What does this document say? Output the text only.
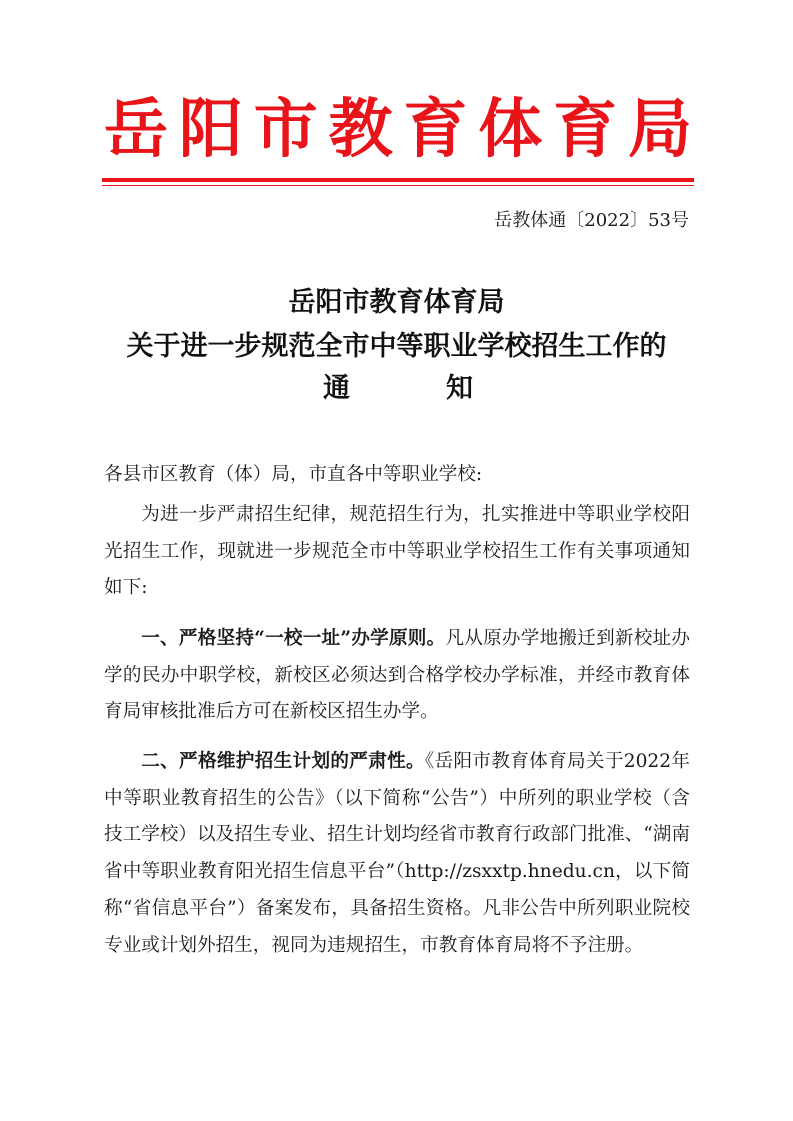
岳阳市教育体育局
岳教体通〔2022〕53号
岳阳市教育体育局
关于进一步规范全市中等职业学校招生工作的
通知
各县市区教育（体）局，市直各中等职业学校:
为进一步严肃招生纪律，规范招生行为，扎实推进中等职业学校阳光招生工作，现就进一步规范全市中等职业学校招生工作有关事项通知如下:
一、严格坚持“一校一址”办学原则。凡从原办学地搬迁到新校址办学的民办中职学校，新校区必须达到合格学校办学标准，并经市教育体育局审核批准后方可在新校区招生办学。
二、严格维护招生计划的严肃性。《岳阳市教育体育局关于2022年中等职业教育招生的公告》（以下简称“公告”）中所列的职业学校（含技工学校）以及招生专业、招生计划均经省市教育行政部门批准、“湖南省中等职业教育阳光招生信息平台”（http://zsxxtp.hnedu.cn，以下简称“省信息平台”）备案发布，具备招生资格。凡非公告中所列职业院校专业或计划外招生，视同为违规招生，市教育体育局将不予注册。
